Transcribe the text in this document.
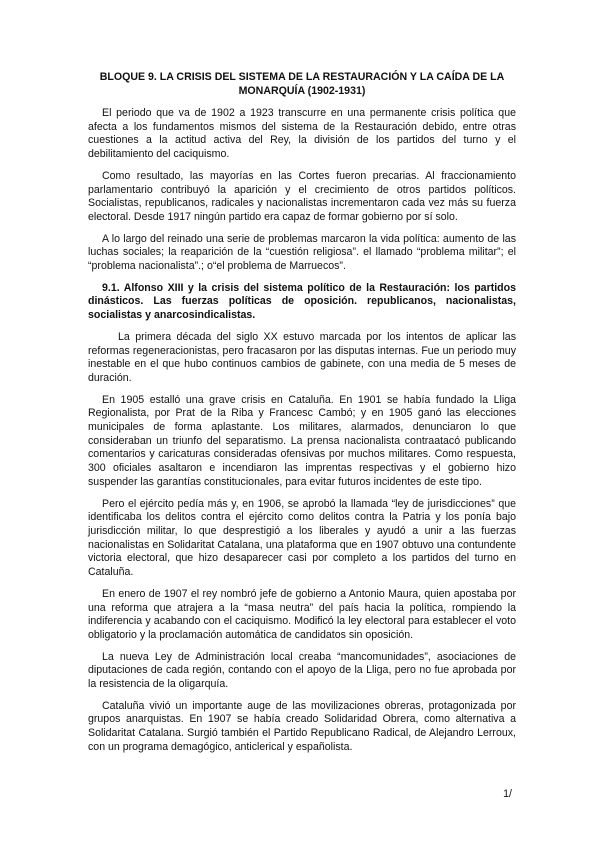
BLOQUE 9. LA CRISIS DEL SISTEMA DE LA RESTAURACIÓN Y LA CAÍDA DE LA MONARQUÍA (1902-1931)

El periodo que va de 1902 a 1923 transcurre en una permanente crisis política que afecta a los fundamentos mismos del sistema de la Restauración debido, entre otras cuestiones a la actitud activa del Rey, la división de los partidos del turno y el debilitamiento del caciquismo.

Como resultado, las mayorías en las Cortes fueron precarias. Al fraccionamiento parlamentario contribuyó la aparición y el crecimiento de otros partidos políticos. Socialistas, republicanos, radicales y nacionalistas incrementaron cada vez más su fuerza electoral. Desde 1917 ningún partido era capaz de formar gobierno por sí solo.

A lo largo del reinado una serie de problemas marcaron la vida política: aumento de las luchas sociales; la reaparición de la “cuestión religiosa”. el llamado “problema militar”; el “problema nacionalista”.; o“el problema de Marruecos”.

9.1. Alfonso XIII y la crisis del sistema político de la Restauración: los partidos dinásticos. Las fuerzas políticas de oposición. republicanos, nacionalistas, socialistas y anarcosindicalistas.

La primera década del siglo XX estuvo marcada por los intentos de aplicar las reformas regeneracionistas, pero fracasaron por las disputas internas. Fue un periodo muy inestable en el que hubo continuos cambios de gabinete, con una media de 5 meses de duración.

En 1905 estalló una grave crisis en Cataluña. En 1901 se había fundado la Lliga Regionalista, por Prat de la Riba y Francesc Cambó; y en 1905 ganó las elecciones municipales de forma aplastante. Los militares, alarmados, denunciaron lo que consideraban un triunfo del separatismo. La prensa nacionalista contraatacó publicando comentarios y caricaturas consideradas ofensivas por muchos militares. Como respuesta, 300 oficiales asaltaron e incendiaron las imprentas respectivas y el gobierno hizo suspender las garantías constitucionales, para evitar futuros incidentes de este tipo.

Pero el ejército pedía más y, en 1906, se aprobó la llamada “ley de jurisdicciones” que identificaba los delitos contra el ejército como delitos contra la Patria y los ponía bajo jurisdicción militar, lo que desprestigió a los liberales y ayudó a unir a las fuerzas nacionalistas en Solidaritat Catalana, una plataforma que en 1907 obtuvo una contundente victoria electoral, que hizo desaparecer casi por completo a los partidos del turno en Cataluña.

En enero de 1907 el rey nombró jefe de gobierno a Antonio Maura, quien apostaba por una reforma que atrajera a la “masa neutra” del país hacia la política, rompiendo la indiferencia y acabando con el caciquismo. Modificó la ley electoral para establecer el voto obligatorio y la proclamación automática de candidatos sin oposición.

La nueva Ley de Administración local creaba “mancomunidades”, asociaciones de diputaciones de cada región, contando con el apoyo de la Lliga, pero no fue aprobada por la resistencia de la oligarquía.

Cataluña vivió un importante auge de las movilizaciones obreras, protagonizada por grupos anarquistas. En 1907 se había creado Solidaridad Obrera, como alternativa a Solidaritat Catalana. Surgió también el Partido Republicano Radical, de Alejandro Lerroux, con un programa demagógico, anticlerical y españolista.

1/
